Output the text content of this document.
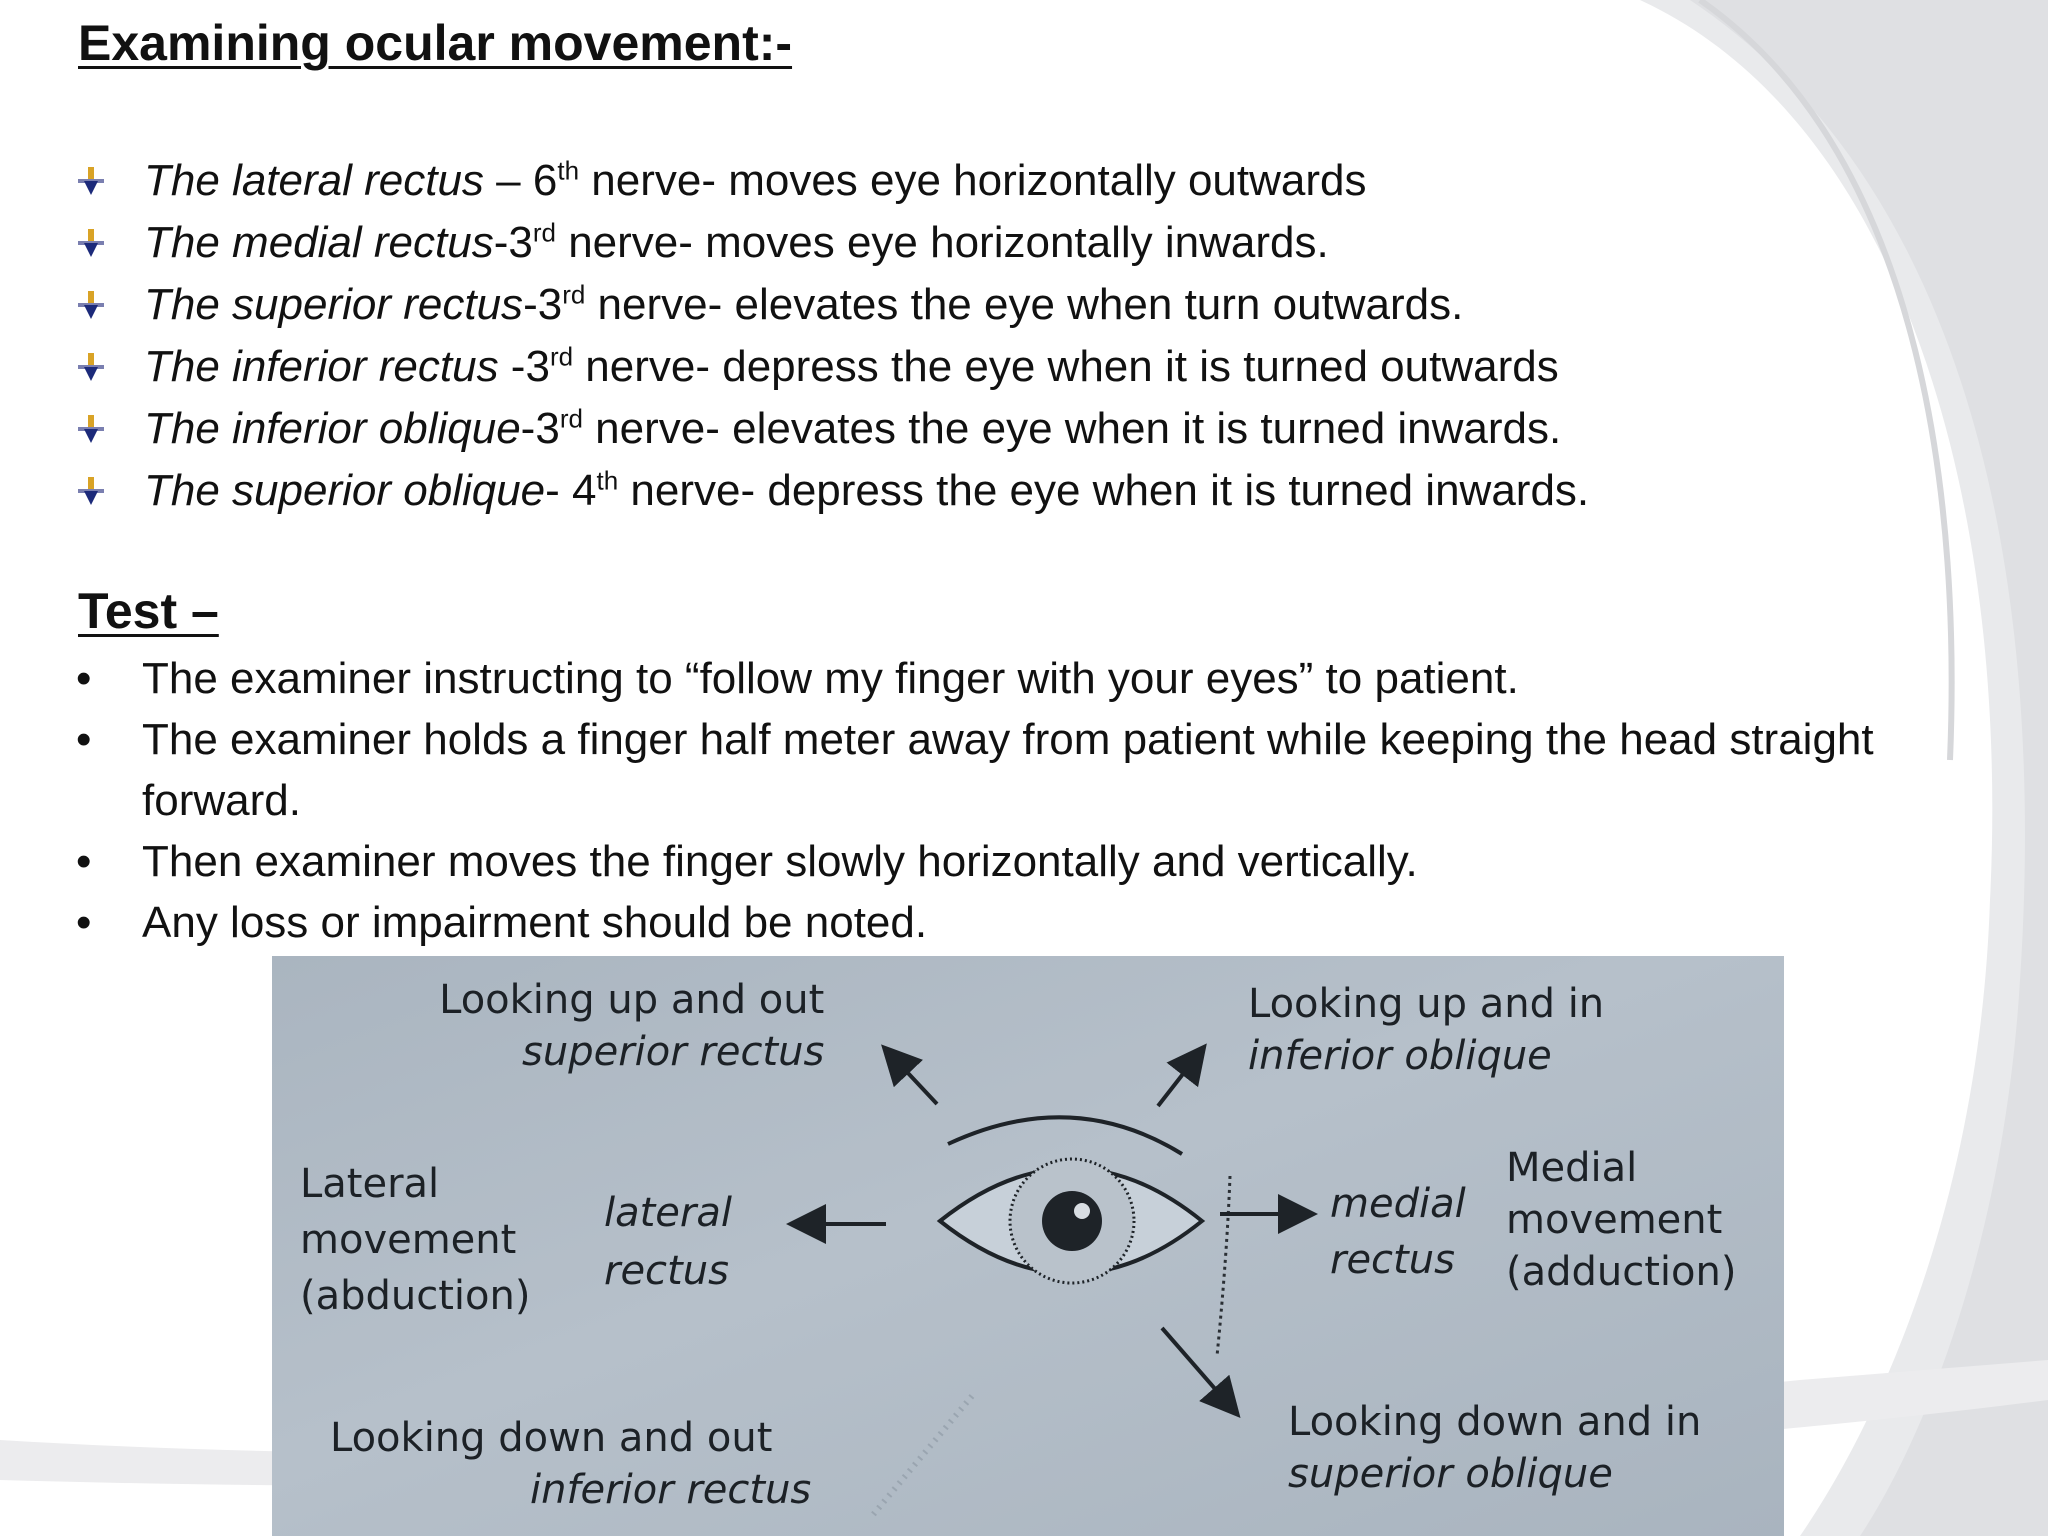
Examining ocular movement:-
The lateral rectus – 6th nerve- moves eye horizontally outwards
The medial rectus-3rd nerve- moves eye horizontally inwards.
The superior rectus-3rd nerve- elevates the eye when turn outwards.
The inferior rectus -3rd nerve- depress the eye when it is turned outwards
The inferior oblique-3rd nerve- elevates the eye when it is turned inwards.
The superior oblique- 4th nerve- depress the eye when it is turned inwards.
Test –
• The examiner instructing to “follow my finger with your eyes” to patient.
• The examiner holds a finger half meter away from patient while keeping the head straight forward.
• Then examiner moves the finger slowly horizontally and vertically.
• Any loss or impairment should be noted.
Looking up and out
superior rectus
Looking up and in
inferior oblique
Lateral
movement
(abduction)
lateral
rectus
medial
rectus
Medial
movement
(adduction)
Looking down and out
inferior rectus
Looking down and in
superior oblique
